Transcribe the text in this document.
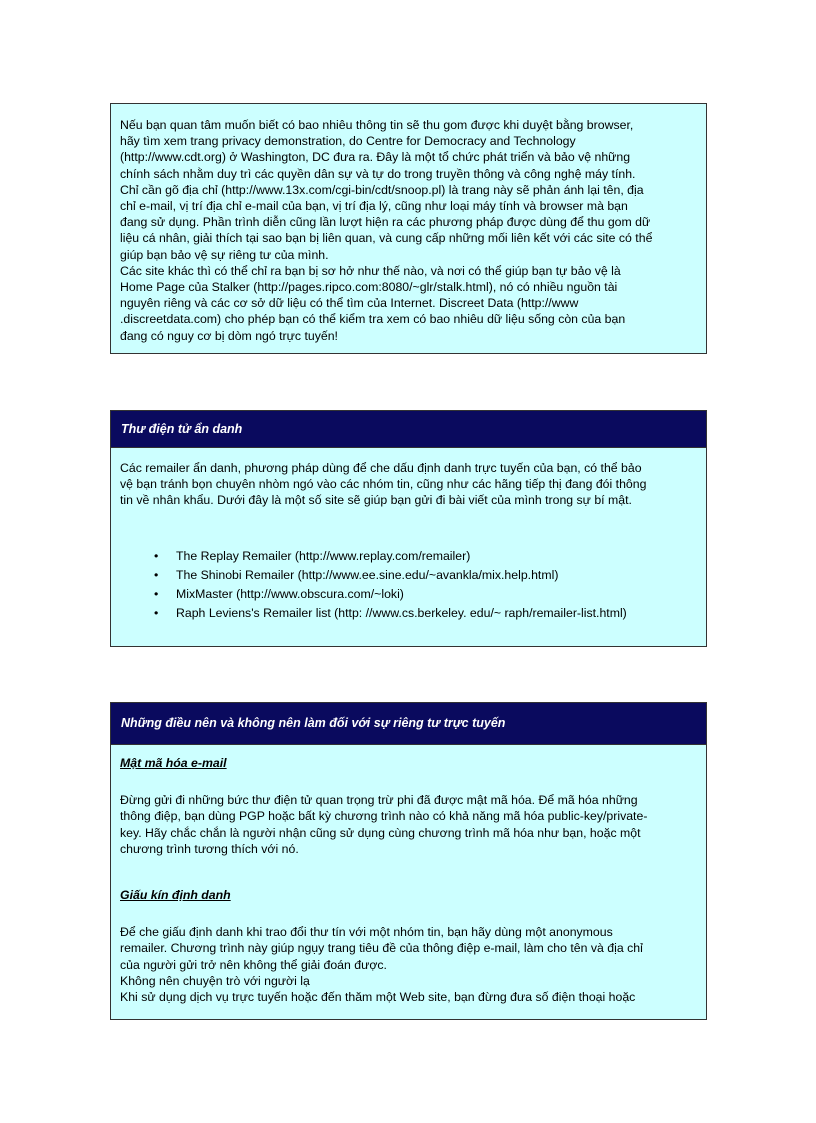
Nếu bạn quan tâm muốn biết có bao nhiêu thông tin sẽ thu gom được khi duyệt bằng browser,
hãy tìm xem trang privacy demonstration, do Centre for Democracy and Technology
(http://www.cdt.org) ở Washington, DC đưa ra. Đây là một tổ chức phát triển và bảo vệ những
chính sách nhằm duy trì các quyền dân sự và tự do trong truyền thông và công nghệ máy tính.
Chỉ cần gõ địa chỉ (http://www.13x.com/cgi-bin/cdt/snoop.pl) là trang này sẽ phản ánh lại tên, địa
chỉ e-mail, vị trí địa chỉ e-mail của bạn, vị trí địa lý, cũng như loại máy tính và browser mà bạn
đang sử dụng. Phần trình diễn cũng lần lượt hiện ra các phương pháp được dùng để thu gom dữ
liệu cá nhân, giải thích tại sao bạn bị liên quan, và cung cấp những mối liên kết với các site có thể
giúp bạn bảo vệ sự riêng tư của mình.
Các site khác thì có thể chỉ ra bạn bị sơ hở như thế nào, và nơi có thể giúp bạn tự bảo vệ là
Home Page của Stalker (http://pages.ripco.com:8080/~glr/stalk.html), nó có nhiều nguồn tài
nguyên riêng và các cơ sở dữ liệu có thể tìm của Internet. Discreet Data (http://www
.discreetdata.com) cho phép bạn có thể kiểm tra xem có bao nhiêu dữ liệu sống còn của bạn
đang có nguy cơ bị dòm ngó trực tuyến!

Thư điện tử ẩn danh

Các remailer ẩn danh, phương pháp dùng để che dấu định danh trực tuyến của bạn, có thể bảo
vệ bạn tránh bọn chuyên nhòm ngó vào các nhóm tin, cũng như các hãng tiếp thị đang đói thông
tin về nhân khẩu. Dưới đây là một số site sẽ giúp bạn gửi đi bài viết của mình trong sự bí mật.

• The Replay Remailer (http://www.replay.com/remailer)
• The Shinobi Remailer (http://www.ee.sine.edu/~avankla/mix.help.html)
• MixMaster (http://www.obscura.com/~loki)
• Raph Leviens's Remailer list (http: //www.cs.berkeley. edu/~ raph/remailer-list.html)
Những điều nên và không nên làm đối với sự riêng tư trực tuyến

Mật mã hóa e-mail

Đừng gửi đi những bức thư điện tử quan trọng trừ phi đã được mật mã hóa. Để mã hóa những
thông điệp, bạn dùng PGP hoặc bất kỳ chương trình nào có khả năng mã hóa public-key/private-
key. Hãy chắc chắn là người nhận cũng sử dụng cùng chương trình mã hóa như bạn, hoặc một
chương trình tương thích với nó.

Giấu kín định danh

Để che giấu định danh khi trao đổi thư tín với một nhóm tin, bạn hãy dùng một anonymous
remailer. Chương trình này giúp ngụy trang tiêu đề của thông điệp e-mail, làm cho tên và địa chỉ
của người gửi trở nên không thể giải đoán được.
Không nên chuyện trò với người lạ
Khi sử dụng dịch vụ trực tuyến hoặc đến thăm một Web site, bạn đừng đưa số điện thoại hoặc
